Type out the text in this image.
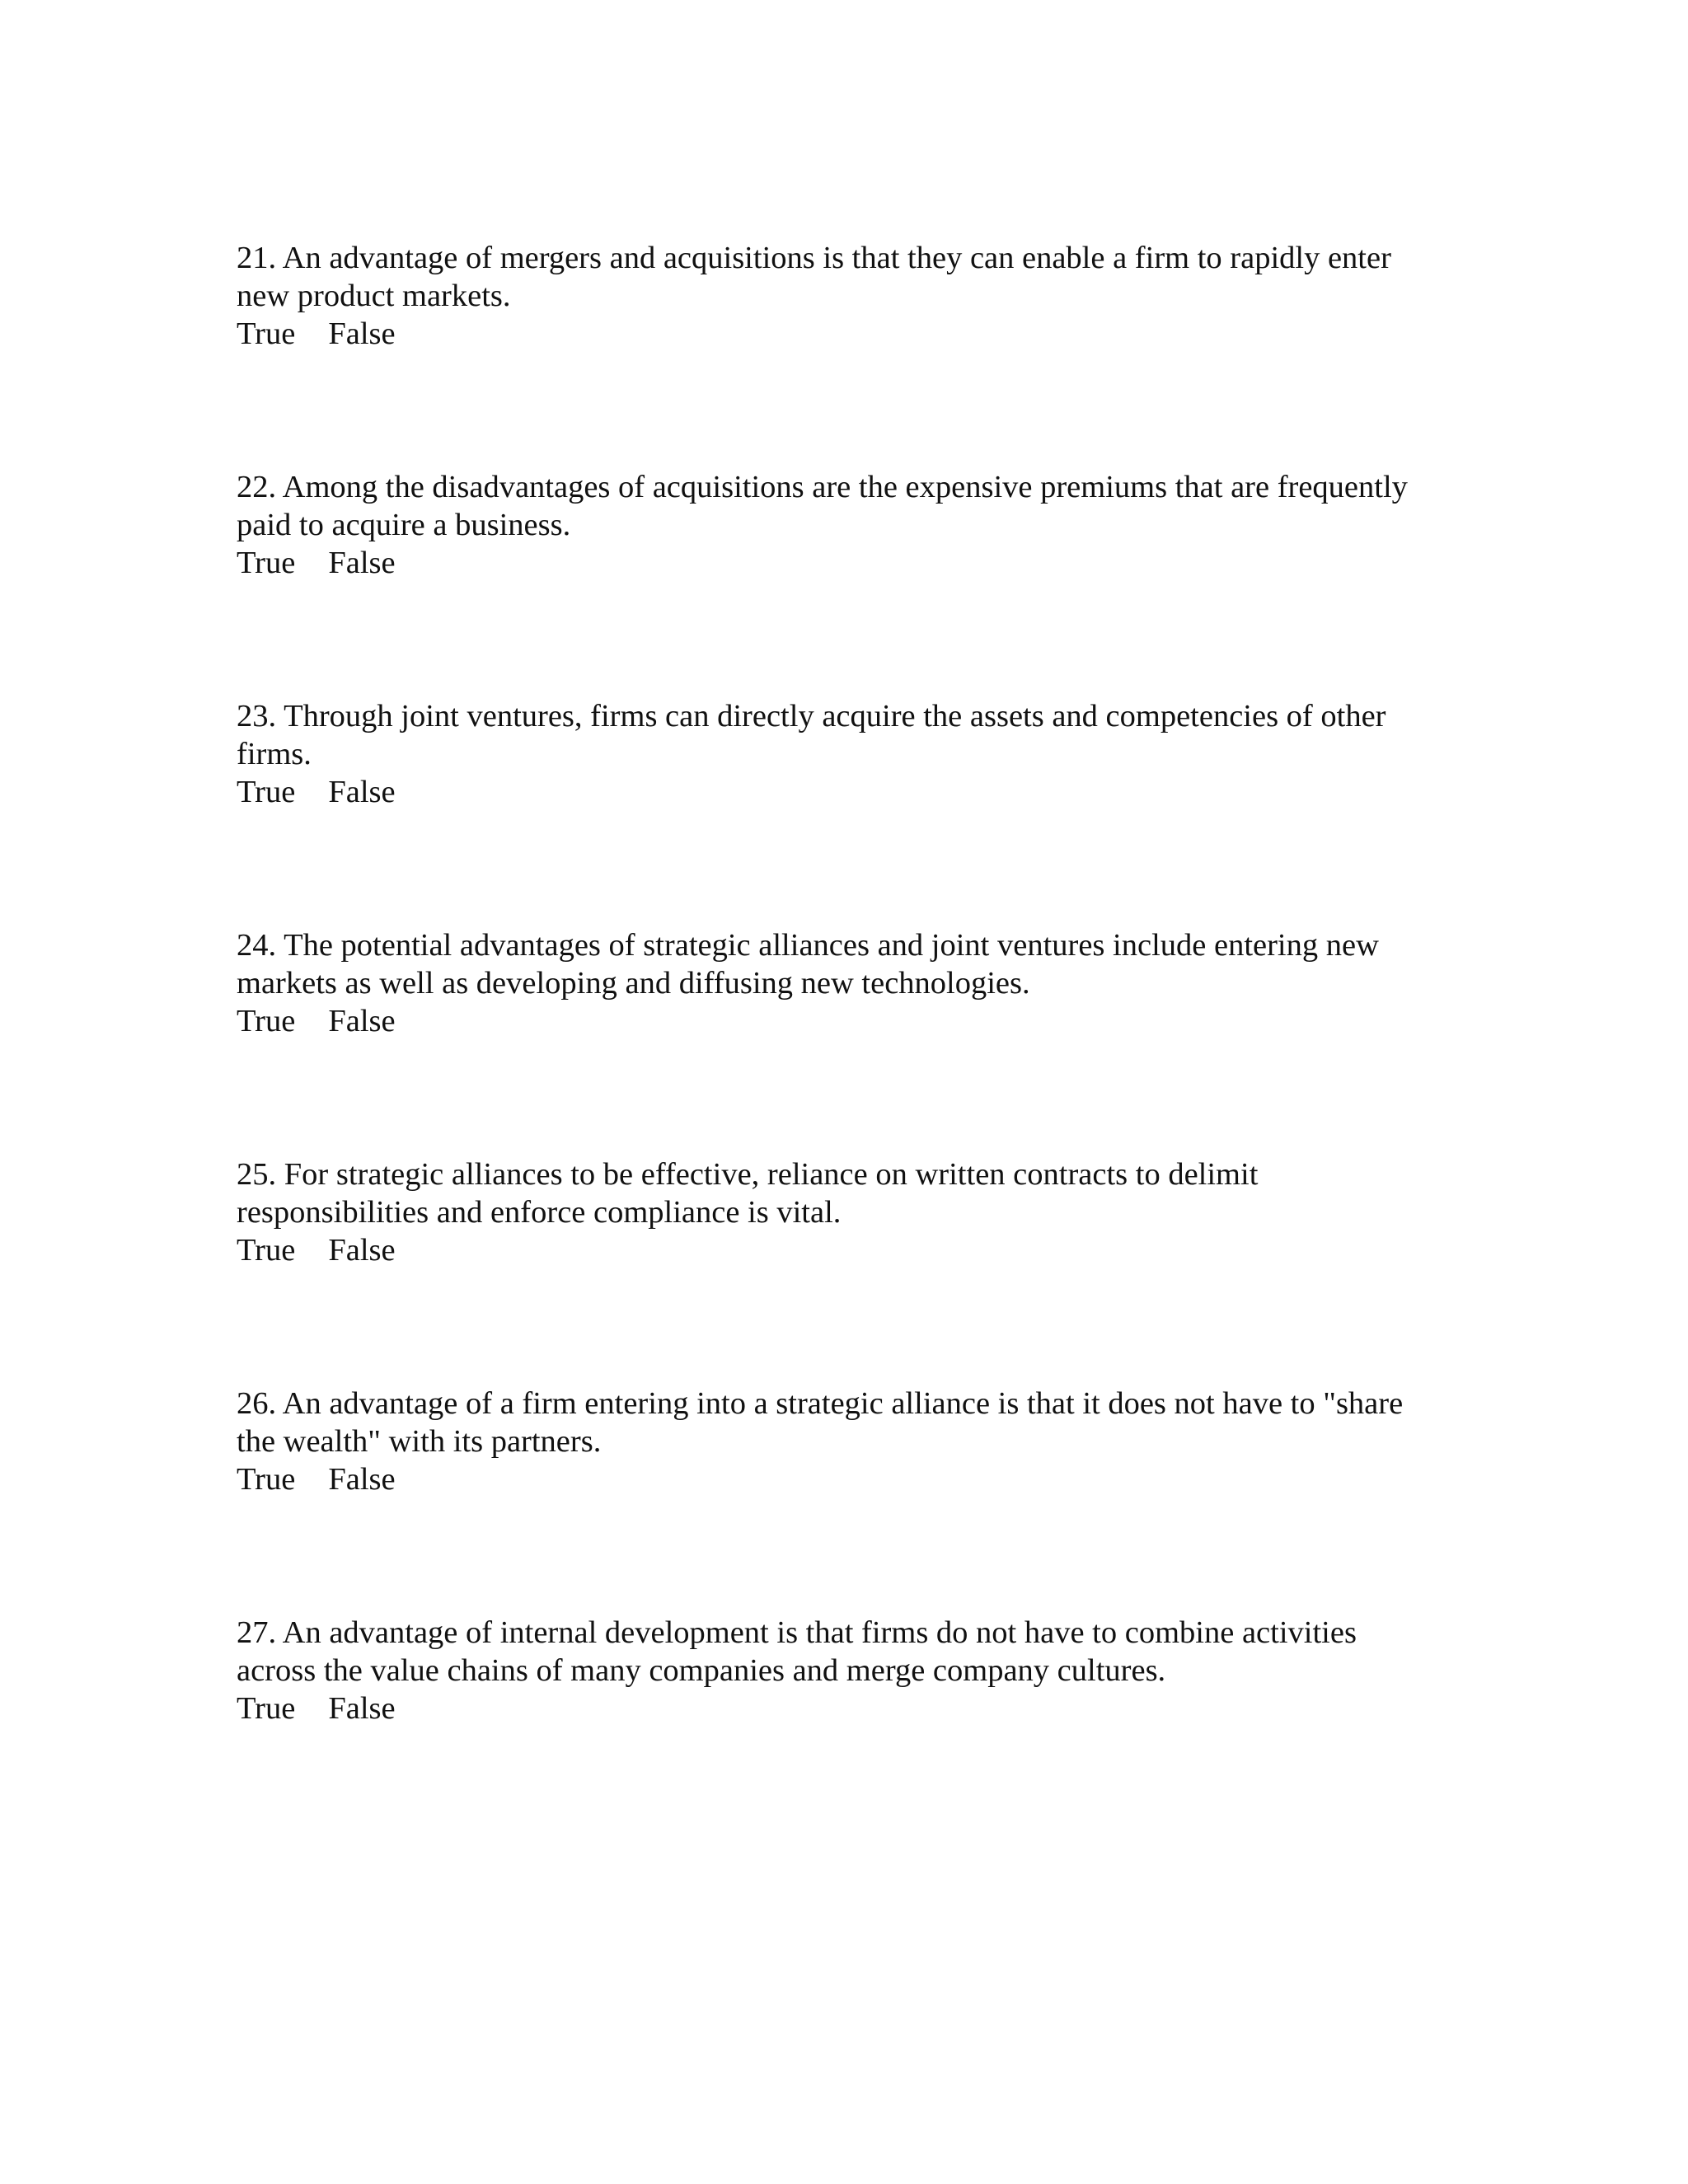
21. An advantage of mergers and acquisitions is that they can enable a firm to rapidly enter
new product markets.

True False

22. Among the disadvantages of acquisitions are the expensive premiums that are frequently
paid to acquire a business.

True False

23. Through joint ventures, firms can directly acquire the assets and competencies of other
firms.

True False

24. The potential advantages of strategic alliances and joint ventures include entering new
markets as well as developing and diffusing new technologies.

True False

25. For strategic alliances to be effective, reliance on written contracts to delimit
responsibilities and enforce compliance is vital.

True False

26. An advantage of a firm entering into a strategic alliance is that it does not have to "share
the wealth" with its partners.

True False

27. An advantage of internal development is that firms do not have to combine activities
across the value chains of many companies and merge company cultures.

True False
